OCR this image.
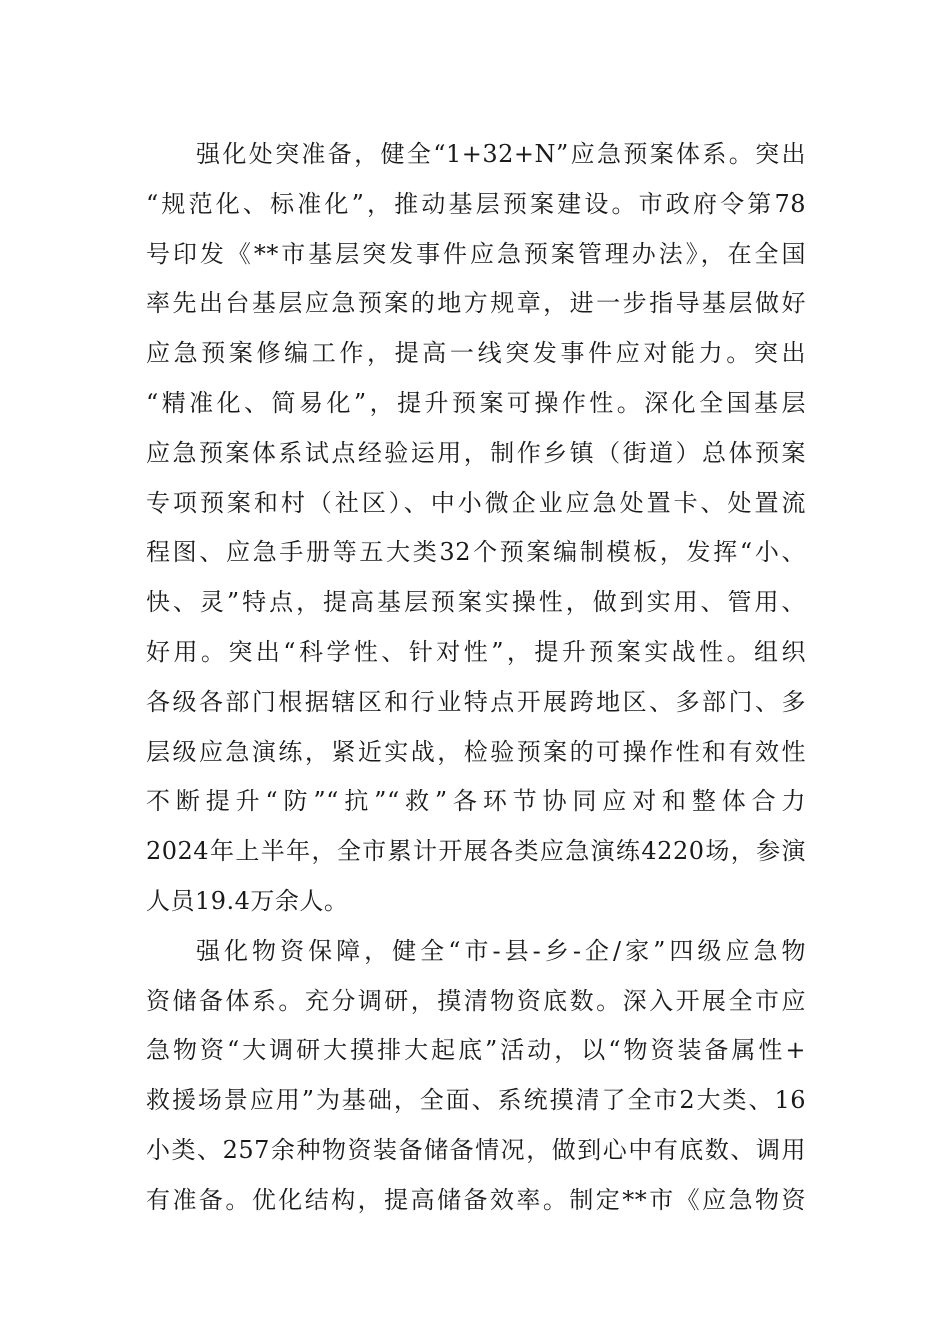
强化处突准备，健全“1+32+N”应急预案体系。突出
“规范化、标准化”，推动基层预案建设。市政府令第78
号印发《**市基层突发事件应急预案管理办法》，在全国
率先出台基层应急预案的地方规章，进一步指导基层做好
应急预案修编工作，提高一线突发事件应对能力。突出
“精准化、简易化”，提升预案可操作性。深化全国基层
应急预案体系试点经验运用，制作乡镇（街道）总体预案
专项预案和村（社区）、中小微企业应急处置卡、处置流
程图、应急手册等五大类32个预案编制模板，发挥“小、
快、灵”特点，提高基层预案实操性，做到实用、管用、
好用。突出“科学性、针对性”，提升预案实战性。组织
各级各部门根据辖区和行业特点开展跨地区、多部门、多
层级应急演练，紧近实战，检验预案的可操作性和有效性
不断提升“防”“抗”“救”各环节协同应对和整体合力
2024年上半年，全市累计开展各类应急演练4220场，参演
人员19.4万余人。
强化物资保障，健全“市-县-乡-企/家”四级应急物
资储备体系。充分调研，摸清物资底数。深入开展全市应
急物资“大调研大摸排大起底”活动，以“物资装备属性+
救援场景应用”为基础，全面、系统摸清了全市2大类、16
小类、257余种物资装备储备情况，做到心中有底数、调用
有准备。优化结构，提高储备效率。制定**市《应急物资
